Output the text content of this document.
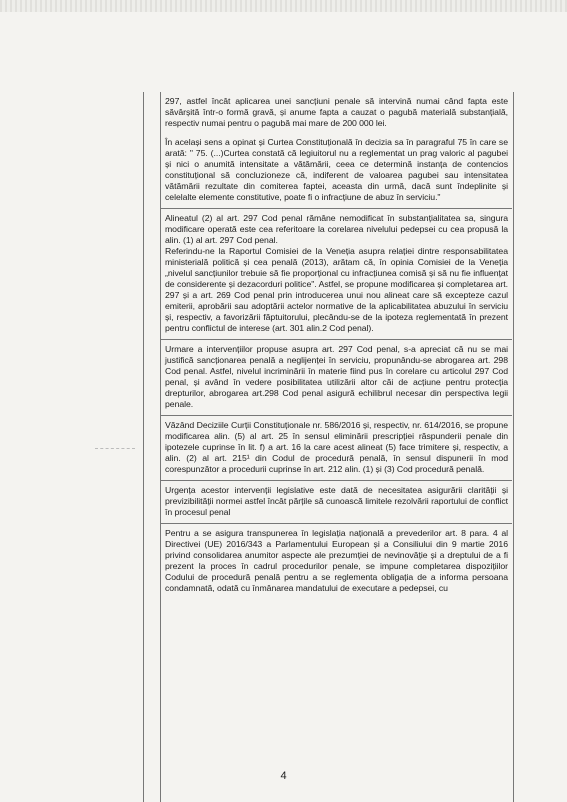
297, astfel încât aplicarea unei sancțiuni penale să intervină numai când fapta este săvârșită într-o formă gravă, și anume fapta a cauzat o pagubă materială substanțială, respectiv numai pentru o pagubă mai mare de 200 000 lei.

În același sens a opinat și Curtea Constituțională în decizia sa în paragraful 75 în care se arată: " 75. (...)Curtea constată că legiuitorul nu a reglementat un prag valoric al pagubei și nici o anumită intensitate a vătămării, ceea ce determină instanța de contencios constituțional să concluzioneze că, indiferent de valoarea pagubei sau intensitatea vătămării rezultate din comiterea faptei, aceasta din urmă, dacă sunt îndeplinite și celelalte elemente constitutive, poate fi o infracțiune de abuz în serviciu."

Alineatul (2) al art. 297 Cod penal rămâne nemodificat în substanțialitatea sa, singura modificare operată este cea referitoare la corelarea nivelului pedepsei cu cea propusă la alin. (1) al art. 297 Cod penal.

Referindu-ne la Raportul Comisiei de la Veneția asupra relației dintre responsabilitatea ministerială politică și cea penală (2013), arătam că, în opinia Comisiei de la Veneția „nivelul sancțiunilor trebuie să fie proporțional cu infracțiunea comisă și să nu fie influențat de considerente și dezacorduri politice". Astfel, se propune modificarea și completarea art. 297 și a art. 269 Cod penal prin introducerea unui nou alineat care să excepteze cazul emiterii, aprobării sau adoptării actelor normative de la aplicabilitatea abuzului în serviciu și, respectiv, a favorizării făptuitorului, plecându-se de la ipoteza reglementată în prezent pentru conflictul de interese (art. 301 alin.2 Cod penal).

Urmare a intervențiilor propuse asupra art. 297 Cod penal, s-a apreciat că nu se mai justifică sancționarea penală a neglijenței în serviciu, propunându-se abrogarea art. 298 Cod penal. Astfel, nivelul incriminării în materie fiind pus în corelare cu articolul 297 Cod penal, și având în vedere posibilitatea utilizării altor căi de acțiune pentru protecția drepturilor, abrogarea art.298 Cod penal asigură echilibrul necesar din perspectiva legii penale.

Văzând Deciziile Curții Constituționale nr. 586/2016 și, respectiv, nr. 614/2016, se propune modificarea alin. (5) al art. 25 în sensul eliminării prescripției răspunderii penale din ipotezele cuprinse în lit. f) a art. 16 la care acest alineat (5) face trimitere și, respectiv, a alin. (2) al art. 215¹ din Codul de procedură penală, în sensul dispunerii în mod corespunzător a procedurii cuprinse în art. 212 alin. (1) și (3) Cod procedură penală.

Urgența acestor intervenții legislative este dată de necesitatea asigurării clarității și previzibilității normei astfel încât părțile să cunoască limitele rezolvării raportului de conflict în procesul penal

Pentru a se asigura transpunerea în legislația națională a prevederilor art. 8 para. 4 al Directivei (UE) 2016/343 a Parlamentului European și a Consiliului din 9 martie 2016 privind consolidarea anumitor aspecte ale prezumției de nevinovăție și a dreptului de a fi prezent la proces în cadrul procedurilor penale, se impune completarea dispozițiilor Codului de procedură penală pentru a se reglementa obligația de a informa persoana condamnată, odată cu înmânarea mandatului de executare a pedepsei, cu

4
